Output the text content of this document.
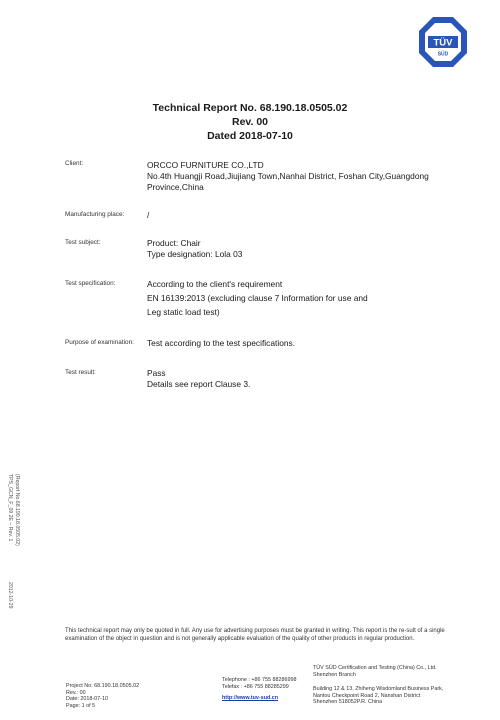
TÜV
SÜD
Technical Report No. 68.190.18.0505.02
Rev. 00
Dated 2018-07-10
Client:	ORCCO FURNITURE CO.,LTD
No.4th Huangji Road,Jiujiang Town,Nanhai District, Foshan City,Guangdong
Province,China
Manufacturing place:	/
Test subject:	Product: Chair
Type designation: Lola 03
Test specification:	According to the client's requirement
EN 16139:2013 (excluding clause 7 Information for use and
Leg static load test)
Purpose of examination: Test according to the test specifications.
Test result:	Pass
Details see report Clause 3.
TPS_GCN_F_09 2E – Rev. 1 (Report No.68.190.18.0505.02)
2012-10-29
This technical report may only be quoted in full. Any use for advertising purposes must be granted in writing. This report is the re-sult of a single examination of the object in question and is not generally applicable evaluation of the quality of other products in regular production.
Project No: 68.190.18.0505.02
Rev.: 00
Date: 2018-07-10
Page: 1 of 5
Telephone : +86 755 88286998
Telefax : +86 755 88285299
http://www.tuv-sud.cn
TÜV SÜD Certification and Testing (China) Co., Ltd.
Shenzhen Branch
Building 12 & 13, Zhiheng Wisdomland Business Park,
Nantou Checkpoint Road 2, Nanshan District
Shenzhen 518052P.R. China
